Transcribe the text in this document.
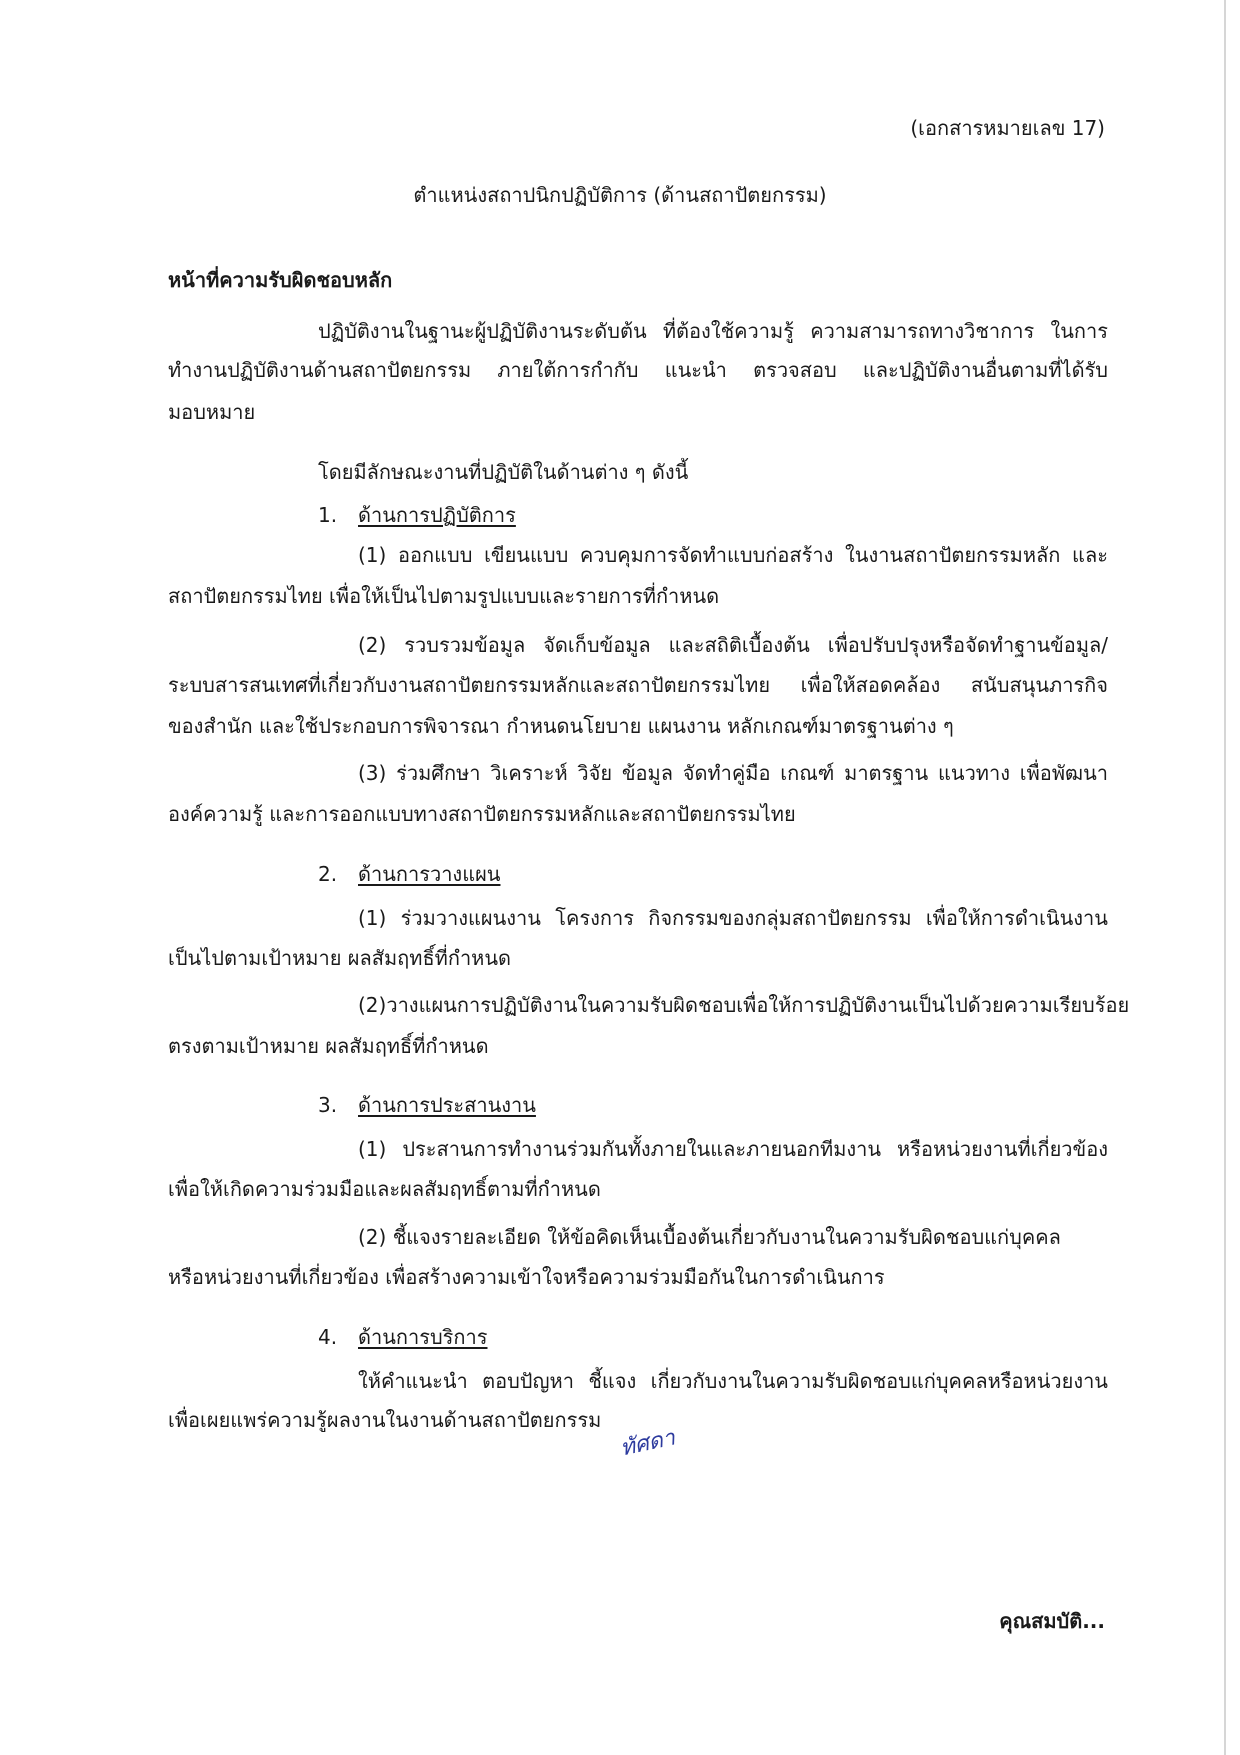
(เอกสารหมายเลข 17)
ตำแหน่งสถาปนิกปฏิบัติการ (ด้านสถาปัตยกรรม)
หน้าที่ความรับผิดชอบหลัก
ปฏิบัติงานในฐานะผู้ปฏิบัติงานระดับต้น ที่ต้องใช้ความรู้ ความสามารถทางวิชาการ ในการ
ทำงานปฏิบัติงานด้านสถาปัตยกรรม ภายใต้การกำกับ แนะนำ ตรวจสอบ และปฏิบัติงานอื่นตามที่ได้รับ
มอบหมาย
โดยมีลักษณะงานที่ปฏิบัติในด้านต่าง ๆ ดังนี้
1. ด้านการปฏิบัติการ
(1) ออกแบบ เขียนแบบ ควบคุมการจัดทำแบบก่อสร้าง ในงานสถาปัตยกรรมหลัก และ
สถาปัตยกรรมไทย เพื่อให้เป็นไปตามรูปแบบและรายการที่กำหนด
(2) รวบรวมข้อมูล จัดเก็บข้อมูล และสถิติเบื้องต้น เพื่อปรับปรุงหรือจัดทำฐานข้อมูล/
ระบบสารสนเทศที่เกี่ยวกับงานสถาปัตยกรรมหลักและสถาปัตยกรรมไทย เพื่อให้สอดคล้อง สนับสนุนภารกิจ
ของสำนัก และใช้ประกอบการพิจารณา กำหนดนโยบาย แผนงาน หลักเกณฑ์มาตรฐานต่าง ๆ
(3) ร่วมศึกษา วิเคราะห์ วิจัย ข้อมูล จัดทำคู่มือ เกณฑ์ มาตรฐาน แนวทาง เพื่อพัฒนา
องค์ความรู้ และการออกแบบทางสถาปัตยกรรมหลักและสถาปัตยกรรมไทย
2. ด้านการวางแผน
(1) ร่วมวางแผนงาน โครงการ กิจกรรมของกลุ่มสถาปัตยกรรม เพื่อให้การดำเนินงาน
เป็นไปตามเป้าหมาย ผลสัมฤทธิ์ที่กำหนด
(2) วางแผนการปฏิบัติงานในความรับผิดชอบ เพื่อให้การปฏิบัติงานเป็นไปด้วยความเรียบร้อย
ตรงตามเป้าหมาย ผลสัมฤทธิ์ที่กำหนด
3. ด้านการประสานงาน
(1) ประสานการทำงานร่วมกันทั้งภายในและภายนอกทีมงาน หรือหน่วยงานที่เกี่ยวข้อง
เพื่อให้เกิดความร่วมมือและผลสัมฤทธิ์ตามที่กำหนด
(2) ชี้แจงรายละเอียด ให้ข้อคิดเห็นเบื้องต้นเกี่ยวกับงานในความรับผิดชอบแก่บุคคล
หรือหน่วยงานที่เกี่ยวข้อง เพื่อสร้างความเข้าใจหรือความร่วมมือกันในการดำเนินการ
4. ด้านการบริการ
ให้คำแนะนำ ตอบปัญหา ชี้แจง เกี่ยวกับงานในความรับผิดชอบแก่บุคคลหรือหน่วยงาน
เพื่อเผยแพร่ความรู้ผลงานในงานด้านสถาปัตยกรรม
ทัศดา
คุณสมบัติ...
